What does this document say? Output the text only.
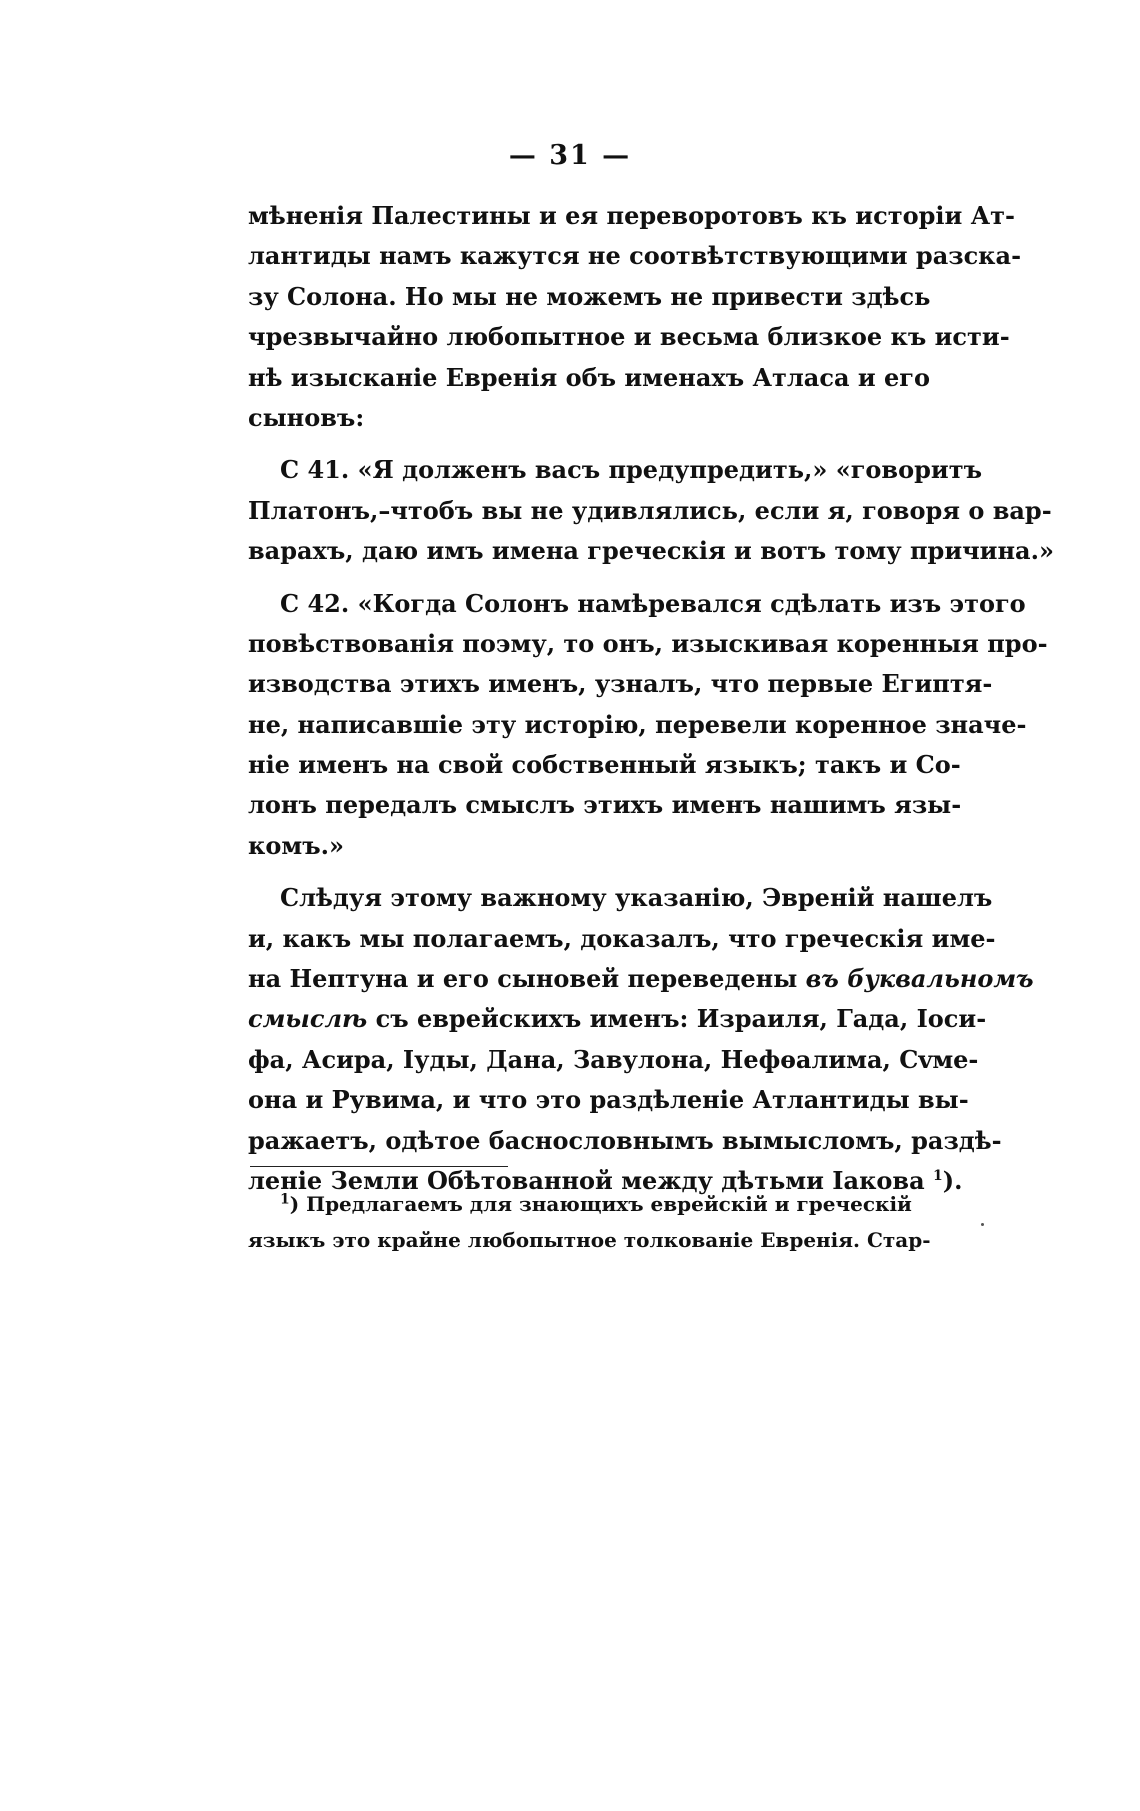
— 31 —
мѣненія Палестины и ея переворотовъ къ исторіи Ат-
лантиды намъ кажутся не соотвѣтствующими разска-
зу Солона. Но мы не можемъ не привести здѣсь
чрезвычайно любопытное и весьма близкое къ исти-
нѣ изысканіе Евренія объ именахъ Атласа и его
сыновъ:
С 41. «Я долженъ васъ предупредить,» «говоритъ
Платонъ,–чтобъ вы не удивлялись, если я, говоря о вар-
варахъ, даю имъ имена греческія и вотъ тому причина.»
С 42. «Когда Солонъ намѣревался сдѣлать изъ этого
повѣствованія поэму, то онъ, изыскивая коренныя про-
изводства этихъ именъ, узналъ, что первые Египтя-
не, написавшіе эту исторію, перевели коренное значе-
ніе именъ на свой собственный языкъ; такъ и Со-
лонъ передалъ смыслъ этихъ именъ нашимъ язы-
комъ.»
Слѣдуя этому важному указанію, Эвреній нашелъ
и, какъ мы полагаемъ, доказалъ, что греческія име-
на Нептуна и его сыновей переведены въ буквальномъ
смыслѣ съ еврейскихъ именъ: Израиля, Гада, Іоси-
фа, Асира, Іуды, Дана, Завулона, Нефѳалима, Сvме-
она и Рувима, и что это раздѣленіе Атлантиды вы-
ражаетъ, одѣтое баснословнымъ вымысломъ, раздѣ-
леніе Земли Обѣтованной между дѣтьми Іакова $^1$).
$^1$) Предлагаемъ для знающихъ еврейскій и греческій
языкъ это крайне любопытное толкованіе Евренія. Стар-
